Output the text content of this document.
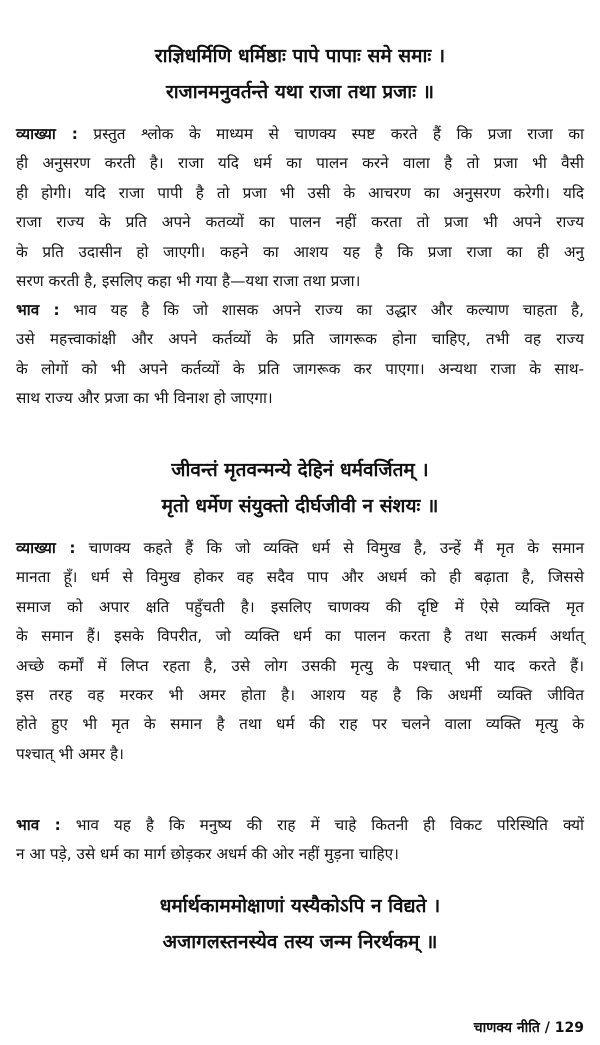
राज्ञिधर्मिणि धर्मिष्ठाः पापे पापाः समे समाः ।
राजानमनुवर्तन्ते यथा राजा तथा प्रजाः ॥
व्याख्या : प्रस्तुत श्लोक के माध्यम से चाणक्य स्पष्ट करते हैं कि प्रजा राजा का
ही अनुसरण करती है। राजा यदि धर्म का पालन करने वाला है तो प्रजा भी वैसी
ही होगी। यदि राजा पापी है तो प्रजा भी उसी के आचरण का अनुसरण करेगी। यदि
राजा राज्य के प्रति अपने कतव्यों का पालन नहीं करता तो प्रजा भी अपने राज्य
के प्रति उदासीन हो जाएगी। कहने का आशय यह है कि प्रजा राजा का ही अनु
सरण करती है, इसलिए कहा भी गया है—यथा राजा तथा प्रजा।
भाव : भाव यह है कि जो शासक अपने राज्य का उद्धार और कल्याण चाहता है,
उसे महत्त्वाकांक्षी और अपने कर्तव्यों के प्रति जागरूक होना चाहिए, तभी वह राज्य
के लोगों को भी अपने कर्तव्यों के प्रति जागरूक कर पाएगा। अन्यथा राजा के साथ-
साथ राज्य और प्रजा का भी विनाश हो जाएगा।
जीवन्तं मृतवन्मन्ये देहिनं धर्मवर्जितम् ।
मृतो धर्मेण संयुक्तो दीर्घजीवी न संशयः ॥
व्याख्या : चाणक्य कहते हैं कि जो व्यक्ति धर्म से विमुख है, उन्हें मैं मृत के समान
मानता हूँ। धर्म से विमुख होकर वह सदैव पाप और अधर्म को ही बढ़ाता है, जिससे
समाज को अपार क्षति पहुँचती है। इसलिए चाणक्य की दृष्टि में ऐसे व्यक्ति मृत
के समान हैं। इसके विपरीत, जो व्यक्ति धर्म का पालन करता है तथा सत्कर्म अर्थात्
अच्छे कर्मों में लिप्त रहता है, उसे लोग उसकी मृत्यु के पश्चात् भी याद करते हैं।
इस तरह वह मरकर भी अमर होता है। आशय यह है कि अधर्मी व्यक्ति जीवित
होते हुए भी मृत के समान है तथा धर्म की राह पर चलने वाला व्यक्ति मृत्यु के
पश्चात् भी अमर है।
भाव : भाव यह है कि मनुष्य की राह में चाहे कितनी ही विकट परिस्थिति क्यों
न आ पड़े, उसे धर्म का मार्ग छोड़कर अधर्म की ओर नहीं मुड़ना चाहिए।
धर्मार्थकाममोक्षाणां यस्यैकोऽपि न विद्यते ।
अजागलस्तनस्येव तस्य जन्म निरर्थकम् ॥
चाणक्य नीति / 129
